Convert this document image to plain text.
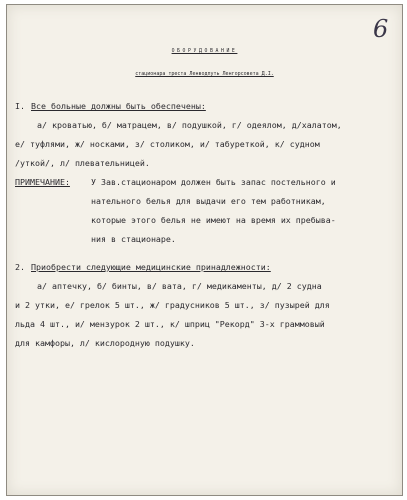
6
ОБОРУДОВАНИЕ
стационара треста Ленводпуть Ленгорсовета Д.I.
I. Все больные должны быть обеспечены:
а/ кроватью, б/ матрацем, в/ подушкой, г/ одеялом, д/халатом,
е/ туфлями, ж/ носками, з/ столиком, и/ табуреткой, к/ судном
/уткой/, л/ плевательницей.
ПРИМЕЧАНИЕ:	У Зав.стационаром должен быть запас постельного и
нательного белья для выдачи его тем работникам,
которые этого белья не имеют на время их пребыва-
ния в стационаре.
2. Приобрести следующие медицинские принадлежности:
а/ аптечку, б/ бинты, в/ вата, г/ медикаменты, д/ 2 судна
и 2 утки, е/ грелок 5 шт., ж/ градусников 5 шт., з/ пузырей для
льда 4 шт., и/ мензурок 2 шт., к/ шприц "Рекорд" 3-х граммовый
для камфоры, л/ кислородную подушку.
